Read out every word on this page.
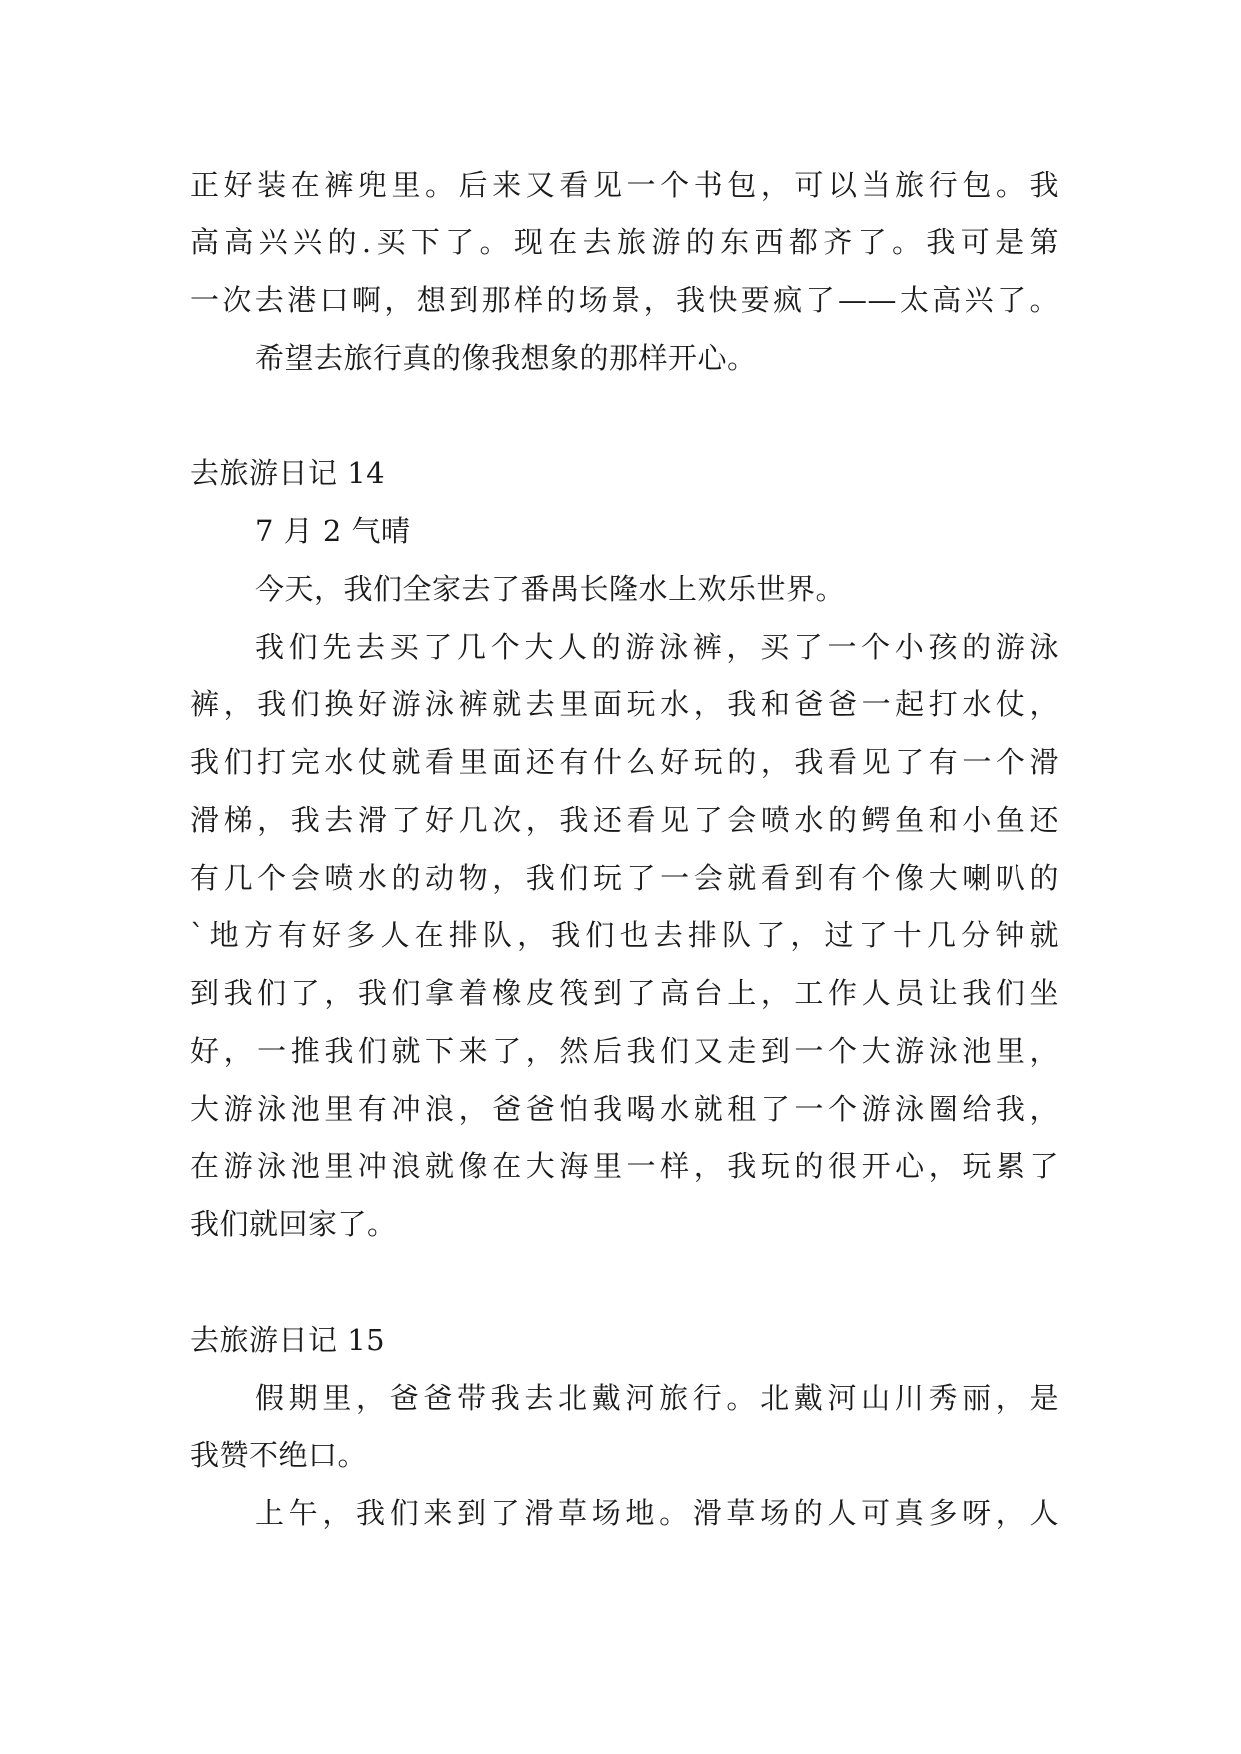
正好装在裤兜里。后来又看见一个书包，可以当旅行包。我
高高兴兴的.买下了。现在去旅游的东西都齐了。我可是第
一次去港口啊，想到那样的场景，我快要疯了——太高兴了。
希望去旅行真的像我想象的那样开心。
去旅游日记 14
7 月 2 气晴
今天，我们全家去了番禺长隆水上欢乐世界。
我们先去买了几个大人的游泳裤，买了一个小孩的游泳
裤，我们换好游泳裤就去里面玩水，我和爸爸一起打水仗，
我们打完水仗就看里面还有什么好玩的，我看见了有一个滑
滑梯，我去滑了好几次，我还看见了会喷水的鳄鱼和小鱼还
有几个会喷水的动物，我们玩了一会就看到有个像大喇叭的
`地方有好多人在排队，我们也去排队了，过了十几分钟就
到我们了，我们拿着橡皮筏到了高台上，工作人员让我们坐
好，一推我们就下来了，然后我们又走到一个大游泳池里，
大游泳池里有冲浪，爸爸怕我喝水就租了一个游泳圈给我，
在游泳池里冲浪就像在大海里一样，我玩的很开心，玩累了
我们就回家了。
去旅游日记 15
假期里，爸爸带我去北戴河旅行。北戴河山川秀丽，是
我赞不绝口。
上午，我们来到了滑草场地。滑草场的人可真多呀，人
